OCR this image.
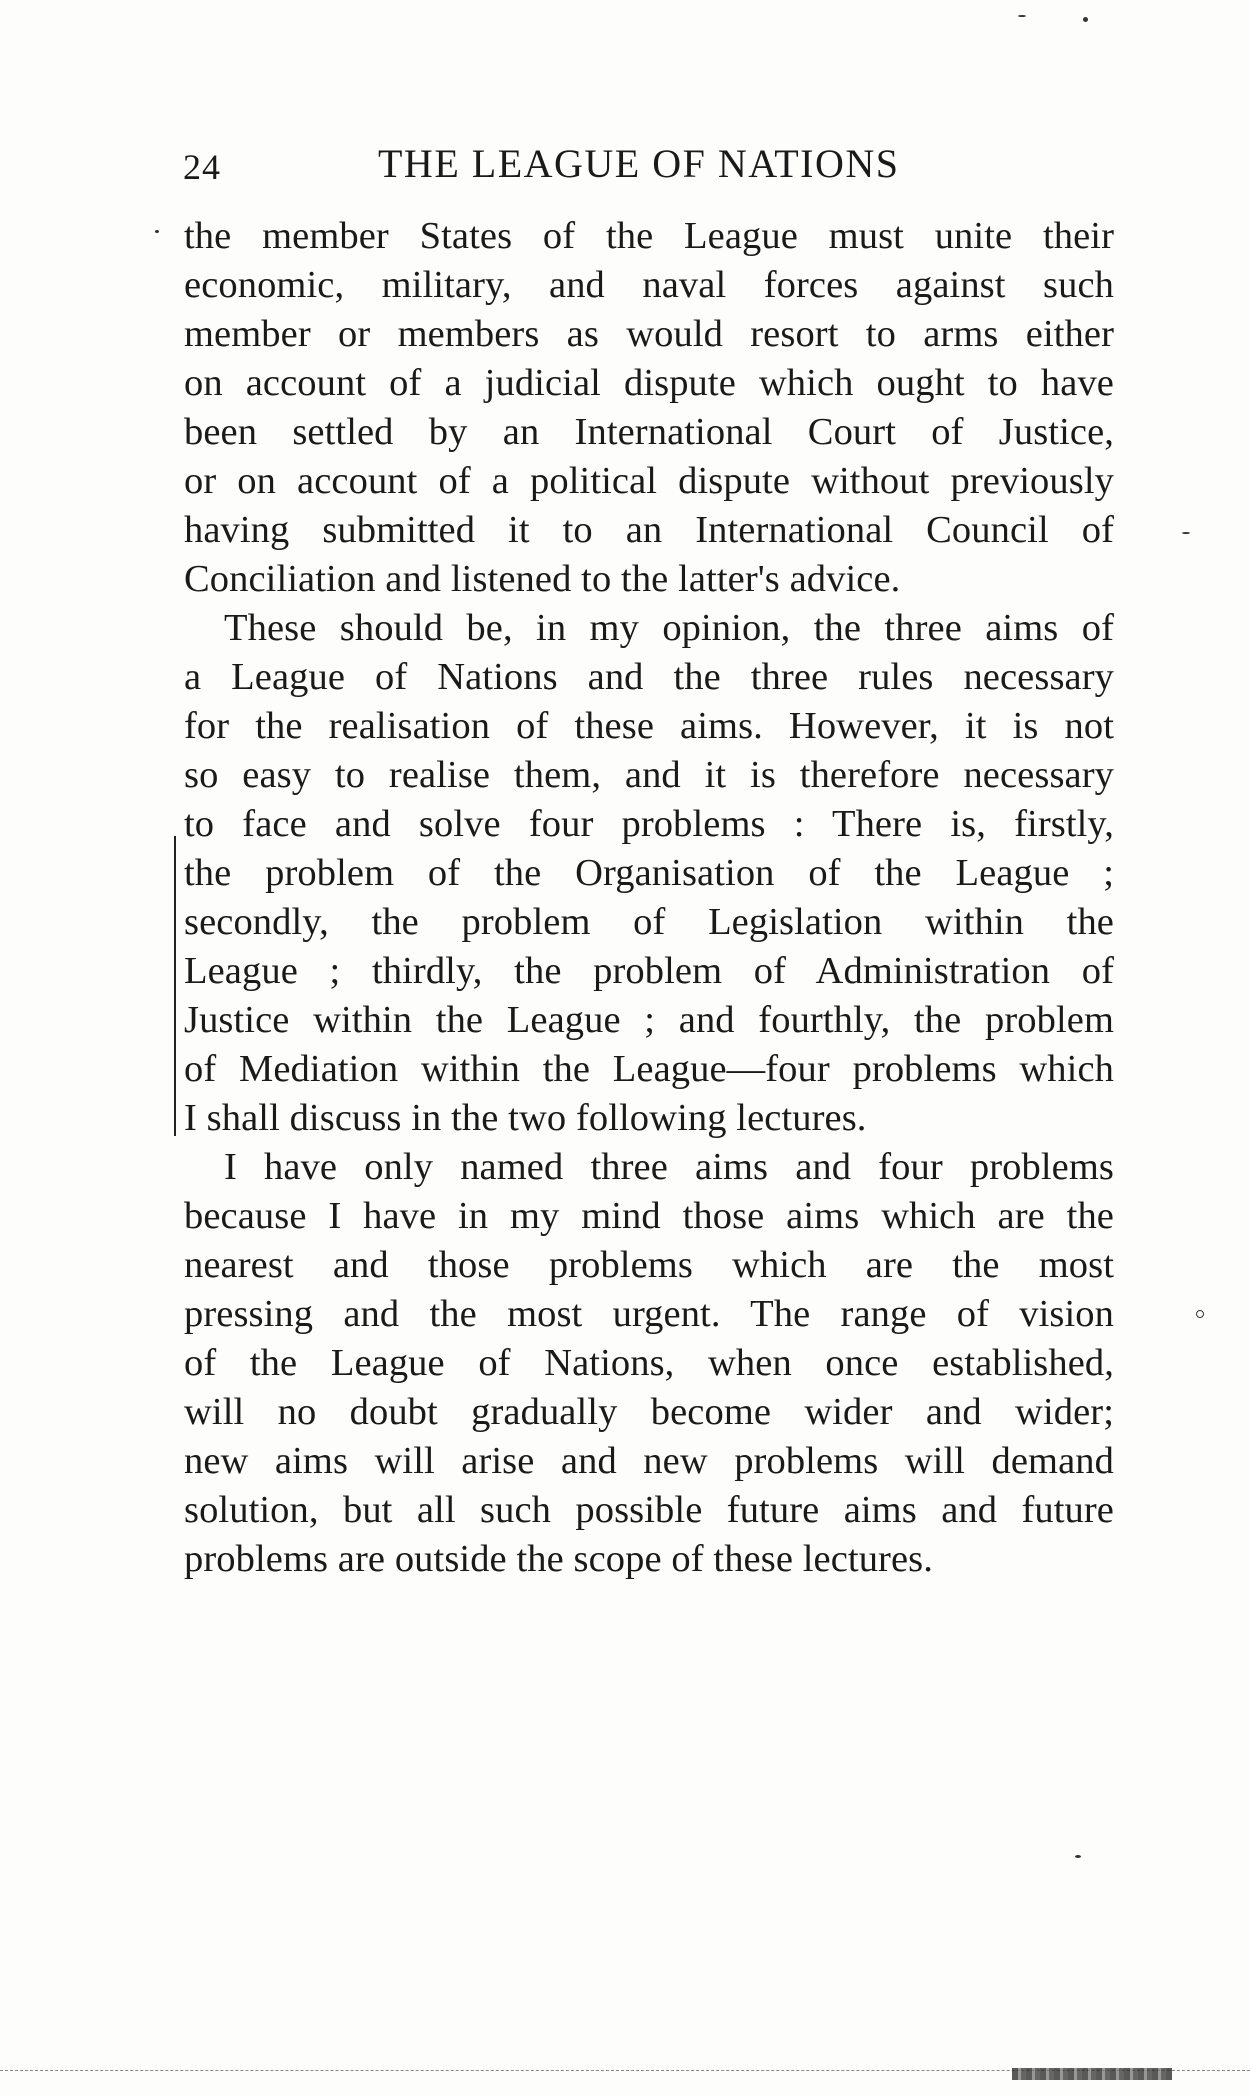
24	THE LEAGUE OF NATIONS
the member States of the League must unite their
economic, military, and naval forces against such
member or members as would resort to arms either
on account of a judicial dispute which ought to have
been settled by an International Court of Justice,
or on account of a political dispute without previously
having submitted it to an International Council of
Conciliation and listened to the latter's advice.
These should be, in my opinion, the three aims of
a League of Nations and the three rules necessary
for the realisation of these aims. However, it is not
so easy to realise them, and it is therefore necessary
to face and solve four problems : There is, firstly,
the problem of the Organisation of the League ;
secondly, the problem of Legislation within the
League ; thirdly, the problem of Administration of
Justice within the League ; and fourthly, the problem
of Mediation within the League—four problems which
I shall discuss in the two following lectures.
I have only named three aims and four problems
because I have in my mind those aims which are the
nearest and those problems which are the most
pressing and the most urgent. The range of vision
of the League of Nations, when once established,
will no doubt gradually become wider and wider;
new aims will arise and new problems will demand
solution, but all such possible future aims and future
problems are outside the scope of these lectures.
